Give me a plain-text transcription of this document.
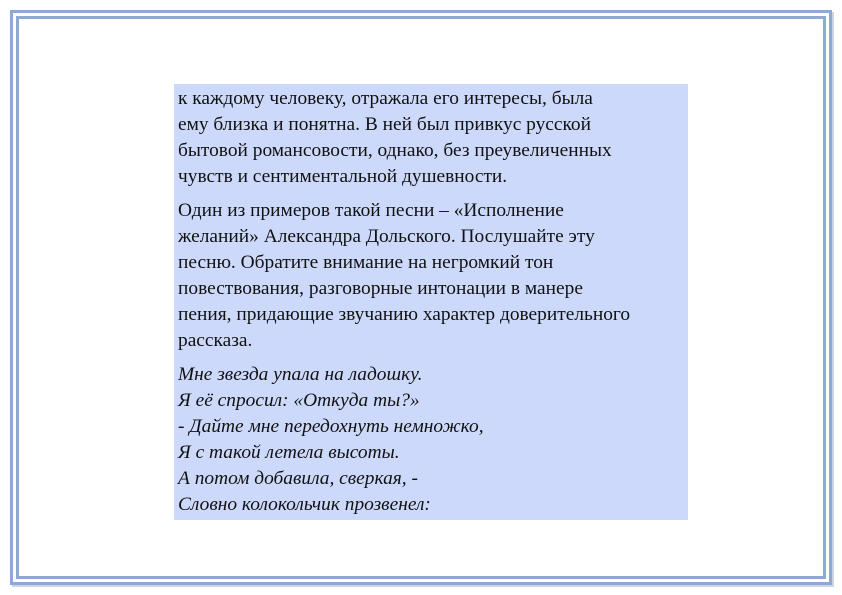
к каждому человеку, отражала его интересы, была
ему близка и понятна. В ней был привкус русской
бытовой романсовости, однако, без преувеличенных
чувств и сентиментальной душевности.

Один из примеров такой песни – «Исполнение
желаний» Александра Дольского. Послушайте эту
песню. Обратите внимание на негромкий тон
повествования, разговорные интонации в манере
пения, придающие звучанию характер доверительного
рассказа.

Мне звезда упала на ладошку.
Я её спросил: «Откуда ты?»
- Дайте мне передохнуть немножко,
Я с такой летела высоты.
А потом добавила, сверкая, -
Словно колокольчик прозвенел:
